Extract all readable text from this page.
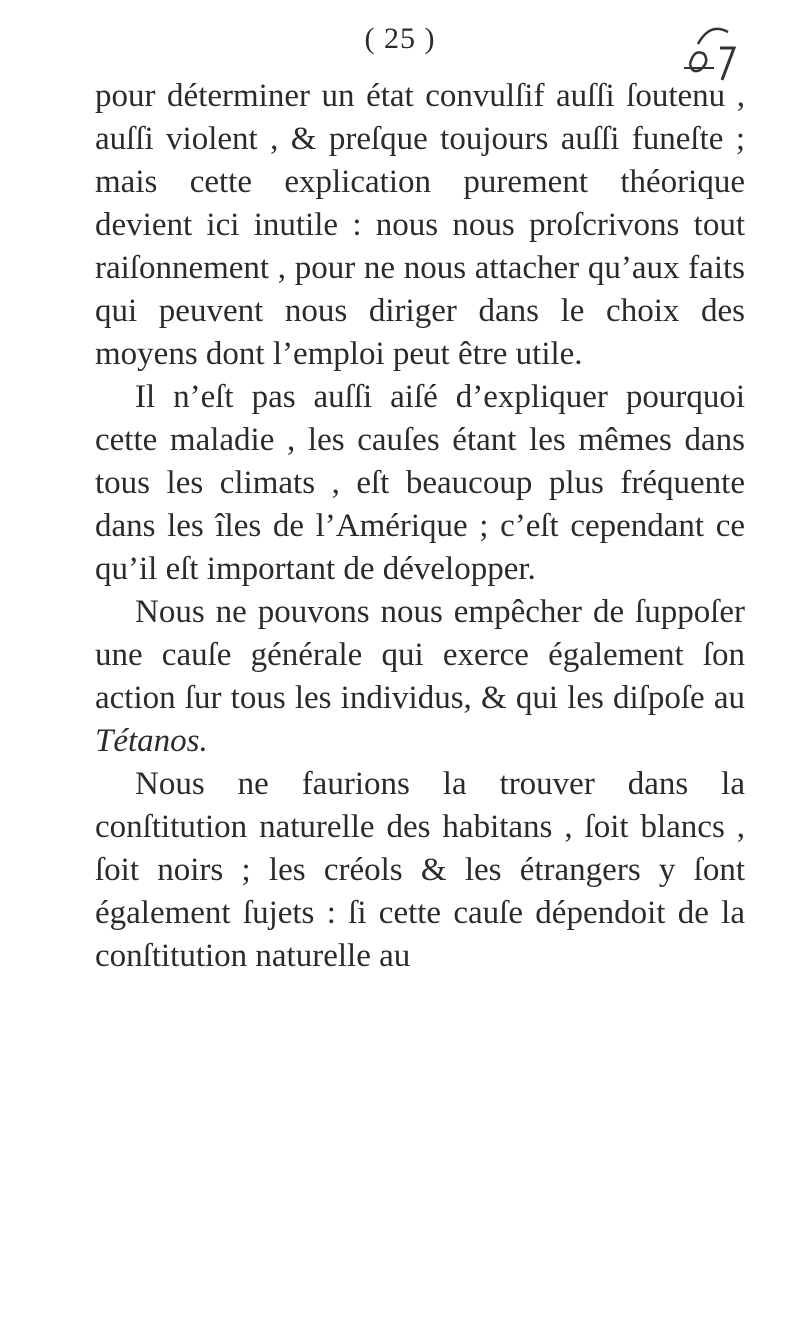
( 25 )
67

pour déterminer un état convulſif auſſi ſoutenu , auſſi violent , & preſque toujours auſſi funeſte ; mais cette explication purement théorique devient ici inutile : nous nous proſcrivons tout raiſonnement , pour ne nous attacher qu’aux faits qui peuvent nous diriger dans le choix des moyens dont l’emploi peut être utile.

Il n’eſt pas auſſi aiſé d’expliquer pourquoi cette maladie , les cauſes étant les mêmes dans tous les climats , eſt beaucoup plus fréquente dans les îles de l’Amérique ; c’eſt cependant ce qu’il eſt important de développer.

Nous ne pouvons nous empêcher de ſuppoſer une cauſe générale qui exerce également ſon action ſur tous les individus, & qui les diſpoſe au Tétanos.

Nous ne faurions la trouver dans la conſtitution naturelle des habitans , ſoit blancs , ſoit noirs ; les créols & les étrangers y ſont également ſujets : ſi cette cauſe dépendoit de la conſtitution naturelle au
